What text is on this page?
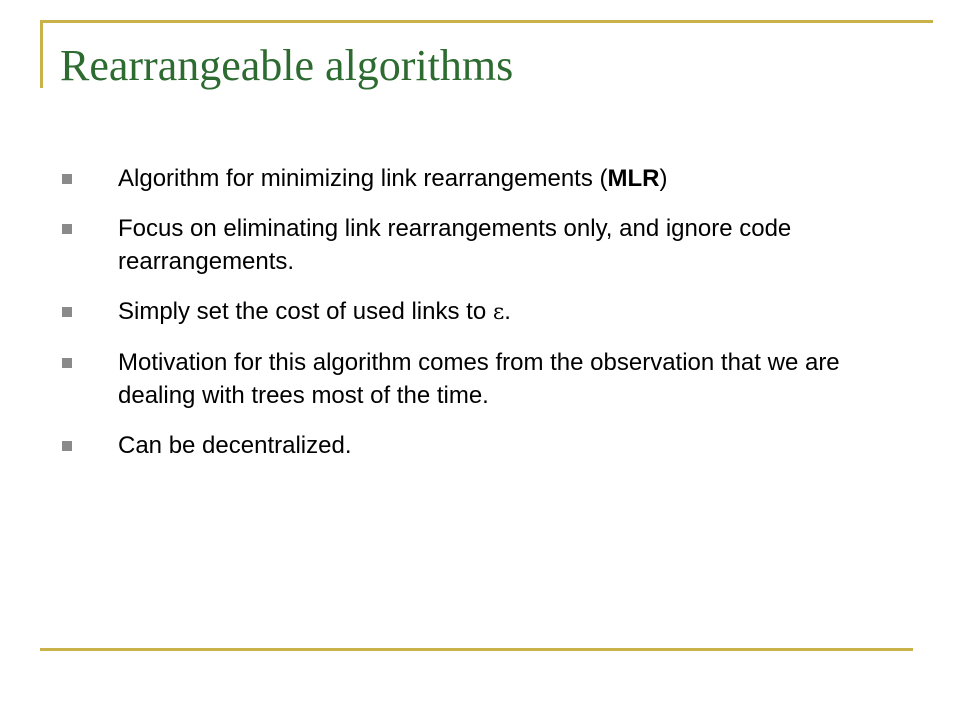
Rearrangeable algorithms
Algorithm for minimizing link rearrangements (MLR)
Focus on eliminating link rearrangements only, and ignore code rearrangements.
Simply set the cost of used links to ε.
Motivation for this algorithm comes from the observation that we are dealing with trees most of the time.
Can be decentralized.
